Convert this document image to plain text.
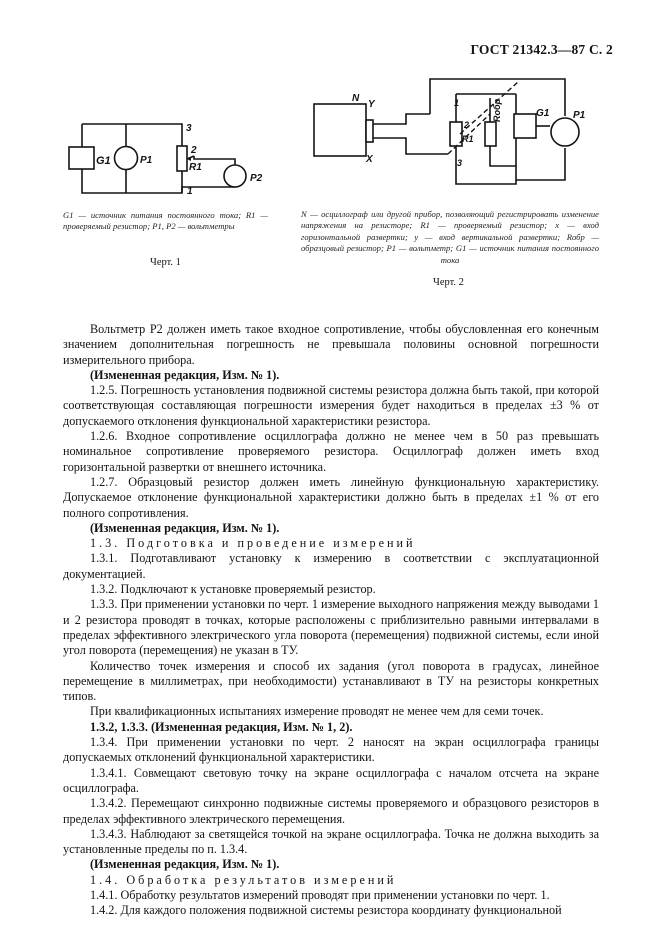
ГОСТ 21342.3—87 С. 2
G1	P1
3
2
R1
1
P2
G1 — источник питания постоянного тока; R1 — проверяемый резистор; P1, P2 — вольтметры
Черт. 1
N
Y
X
1
2
R1
3
Rобр	G1 P1
N — осциллограф или другой прибор, позволяющий регистрировать изменение напряжения на резисторе; R1 — проверяемый резистор; x — вход горизонтальной развертки; y — вход вертикальной развертки; Rобр — образцовый резистор; P1 — вольтметр; G1 — источник питания постоянного тока
Черт. 2

Вольтметр P2 должен иметь такое входное сопротивление, чтобы обусловленная его конечным значением дополнительная погрешность не превышала половины основной погрешности измерительного прибора.

(Измененная редакция, Изм. № 1).

1.2.5. Погрешность установления подвижной системы резистора должна быть такой, при которой соответствующая составляющая погрешности измерения будет находиться в пределах ±3 % от допускаемого отклонения функциональной характеристики резистора.

1.2.6. Входное сопротивление осциллографа должно не менее чем в 50 раз превышать номинальное сопротивление проверяемого резистора. Осциллограф должен иметь вход горизонтальной развертки от внешнего источника.

1.2.7. Образцовый резистор должен иметь линейную функциональную характеристику. Допускаемое отклонение функциональной характеристики должно быть в пределах ±1 % от его полного сопротивления.

(Измененная редакция, Изм. № 1).

1.3. Подготовка и проведение измерений

1.3.1. Подготавливают установку к измерению в соответствии с эксплуатационной документацией.

1.3.2. Подключают к установке проверяемый резистор.

1.3.3. При применении установки по черт. 1 измерение выходного напряжения между выводами 1 и 2 резистора проводят в точках, которые расположены с приблизительно равными интервалами в пределах эффективного электрического угла поворота (перемещения) подвижной системы, если иной угол поворота (перемещения) не указан в ТУ.

Количество точек измерения и способ их задания (угол поворота в градусах, линейное перемещение в миллиметрах, при необходимости) устанавливают в ТУ на резисторы конкретных типов.

При квалификационных испытаниях измерение проводят не менее чем для семи точек.

1.3.2, 1.3.3. (Измененная редакция, Изм. № 1, 2).

1.3.4. При применении установки по черт. 2 наносят на экран осциллографа границы допускаемых отклонений функциональной характеристики.

1.3.4.1. Совмещают световую точку на экране осциллографа с началом отсчета на экране осциллографа.

1.3.4.2. Перемещают синхронно подвижные системы проверяемого и образцового резисторов в пределах эффективного электрического перемещения.

1.3.4.3. Наблюдают за светящейся точкой на экране осциллографа. Точка не должна выходить за установленные пределы по п. 1.3.4.

(Измененная редакция, Изм. № 1).

1.4. Обработка результатов измерений

1.4.1. Обработку результатов измерений проводят при применении установки по черт. 1.

1.4.2. Для каждого положения подвижной системы резистора координату функциональной
